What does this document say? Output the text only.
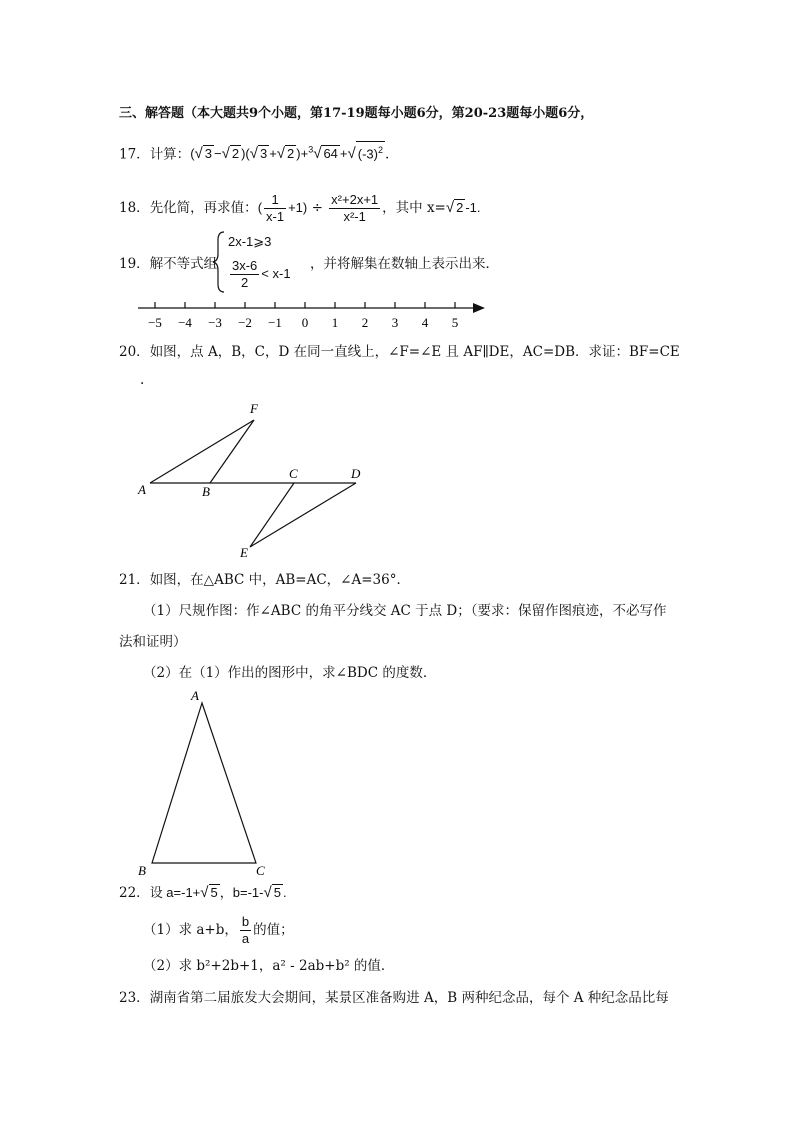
三、解答题（本大题共9个小题，第17-19题每小题6分，第20-23题每小题6分，
17．计算：(√ 3 −√ 2 )(√ 3 +√ 2 )+$^3$√ 64 +√ $(-3)^2$ .
18．先化简，再求值：( $\frac{1}{x-1} +1) \div \frac{\text{x²+2x+1}}{\text{x²-1}}$ ，其中 x=√ 2 -1.
19．解不等式组
2x-1⩾3
$\frac{3x-6}{2} < x-1$
，并将解集在数轴上表示出来．
−5 −4 −3 −2 −1 0 1 2 3 4 5
20．如图，点 A，B，C，D 在同一直线上，∠F=∠E 且 AF∥DE，AC=DB．求证：BF=CE
.
F
A	B
C	D
E
21．如图，在△ABC 中，AB=AC，∠A=36°．
（1）尺规作图：作∠ABC 的角平分线交 AC 于点 D；（要求：保留作图痕迹，不必写作
法和证明）
（2）在（1）作出的图形中，求∠BDC 的度数．
A
B	C
22．设 a=-1+√ 5 ，b=-1-√ 5 .
（1）求 a+b， $\frac{b}{a}$ 的值；
（2）求 b²+2b+1，a² - 2ab+b² 的值．
23．湖南省第二届旅发大会期间，某景区准备购进 A，B 两种纪念品，每个 A 种纪念品比每
